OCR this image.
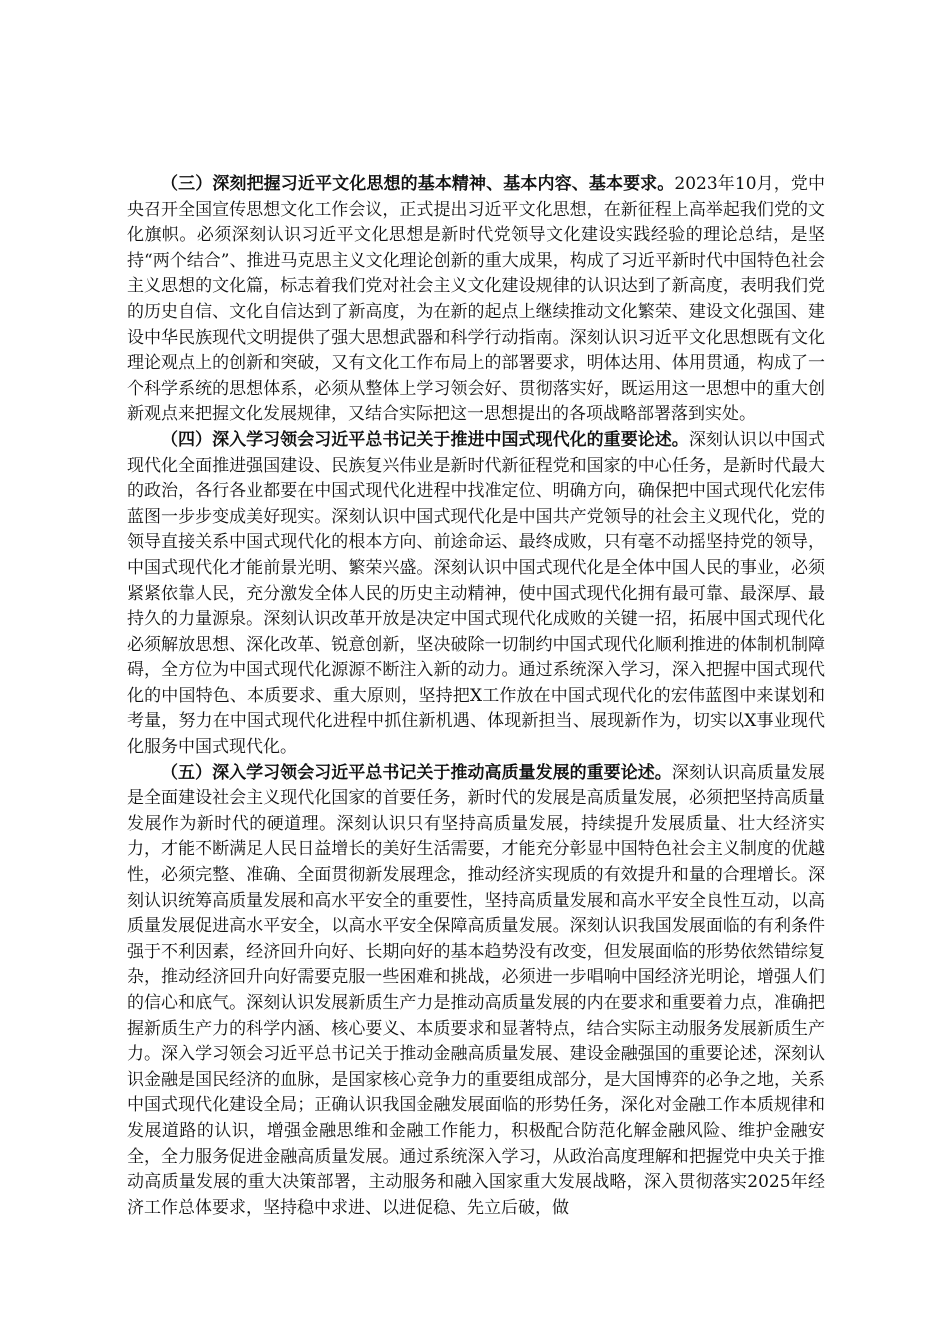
（三）深刻把握习近平文化思想的基本精神、基本内容、基本要求。2023年10月，党中央召开全国宣传思想文化工作会议，正式提出习近平文化思想，在新征程上高举起我们党的文化旗帜。必须深刻认识习近平文化思想是新时代党领导文化建设实践经验的理论总结，是坚持“两个结合”、推进马克思主义文化理论创新的重大成果，构成了习近平新时代中国特色社会主义思想的文化篇，标志着我们党对社会主义文化建设规律的认识达到了新高度，表明我们党的历史自信、文化自信达到了新高度，为在新的起点上继续推动文化繁荣、建设文化强国、建设中华民族现代文明提供了强大思想武器和科学行动指南。深刻认识习近平文化思想既有文化理论观点上的创新和突破，又有文化工作布局上的部署要求，明体达用、体用贯通，构成了一个科学系统的思想体系，必须从整体上学习领会好、贯彻落实好，既运用这一思想中的重大创新观点来把握文化发展规律，又结合实际把这一思想提出的各项战略部署落到实处。

（四）深入学习领会习近平总书记关于推进中国式现代化的重要论述。深刻认识以中国式现代化全面推进强国建设、民族复兴伟业是新时代新征程党和国家的中心任务，是新时代最大的政治，各行各业都要在中国式现代化进程中找准定位、明确方向，确保把中国式现代化宏伟蓝图一步步变成美好现实。深刻认识中国式现代化是中国共产党领导的社会主义现代化，党的领导直接关系中国式现代化的根本方向、前途命运、最终成败，只有毫不动摇坚持党的领导，中国式现代化才能前景光明、繁荣兴盛。深刻认识中国式现代化是全体中国人民的事业，必须紧紧依靠人民，充分激发全体人民的历史主动精神，使中国式现代化拥有最可靠、最深厚、最持久的力量源泉。深刻认识改革开放是决定中国式现代化成败的关键一招，拓展中国式现代化必须解放思想、深化改革、锐意创新，坚决破除一切制约中国式现代化顺利推进的体制机制障碍，全方位为中国式现代化源源不断注入新的动力。通过系统深入学习，深入把握中国式现代化的中国特色、本质要求、重大原则，坚持把X工作放在中国式现代化的宏伟蓝图中来谋划和考量，努力在中国式现代化进程中抓住新机遇、体现新担当、展现新作为，切实以X事业现代化服务中国式现代化。

（五）深入学习领会习近平总书记关于推动高质量发展的重要论述。深刻认识高质量发展是全面建设社会主义现代化国家的首要任务，新时代的发展是高质量发展，必须把坚持高质量发展作为新时代的硬道理。深刻认识只有坚持高质量发展，持续提升发展质量、壮大经济实力，才能不断满足人民日益增长的美好生活需要，才能充分彰显中国特色社会主义制度的优越性，必须完整、准确、全面贯彻新发展理念，推动经济实现质的有效提升和量的合理增长。深刻认识统筹高质量发展和高水平安全的重要性，坚持高质量发展和高水平安全良性互动，以高质量发展促进高水平安全，以高水平安全保障高质量发展。深刻认识我国发展面临的有利条件强于不利因素，经济回升向好、长期向好的基本趋势没有改变，但发展面临的形势依然错综复杂，推动经济回升向好需要克服一些困难和挑战，必须进一步唱响中国经济光明论，增强人们的信心和底气。深刻认识发展新质生产力是推动高质量发展的内在要求和重要着力点，准确把握新质生产力的科学内涵、核心要义、本质要求和显著特点，结合实际主动服务发展新质生产力。深入学习领会习近平总书记关于推动金融高质量发展、建设金融强国的重要论述，深刻认识金融是国民经济的血脉，是国家核心竞争力的重要组成部分，是大国博弈的必争之地，关系中国式现代化建设全局；正确认识我国金融发展面临的形势任务，深化对金融工作本质规律和发展道路的认识，增强金融思维和金融工作能力，积极配合防范化解金融风险、维护金融安全，全力服务促进金融高质量发展。通过系统深入学习，从政治高度理解和把握党中央关于推动高质量发展的重大决策部署，主动服务和融入国家重大发展战略，深入贯彻落实2025年经济工作总体要求，坚持稳中求进、以进促稳、先立后破，做
